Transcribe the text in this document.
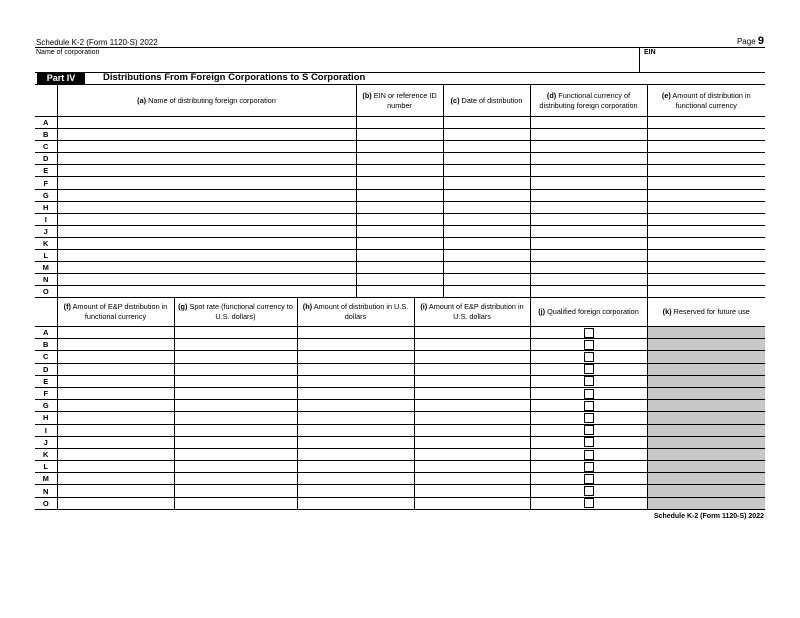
Schedule K-2 (Form 1120-S) 2022	Page 9
Name of corporation	EIN
Part IV	Distributions From Foreign Corporations to S Corporation
	(a) Name of distributing foreign corporation	(b) EIN or reference ID number	(c) Date of distribution	(d) Functional currency of distributing foreign corporation	(e) Amount of distribution in functional currency
A					
B					
C					
D					
E					
F					
G					
H					
I					
J					
K					
L					
M					
N					
O					
	(f) Amount of E&P distribution in functional currency	(g) Spot rate (functional currency to U.S. dollars)	(h) Amount of distribution in U.S. dollars	(i) Amount of E&P distribution in U.S. dollars	(j) Qualified foreign corporation	(k) Reserved for future use
A						
B						
C						
D						
E						
F						
G						
H						
I						
J						
K						
L						
M						
N						
O						
Schedule K-2 (Form 1120-S) 2022
